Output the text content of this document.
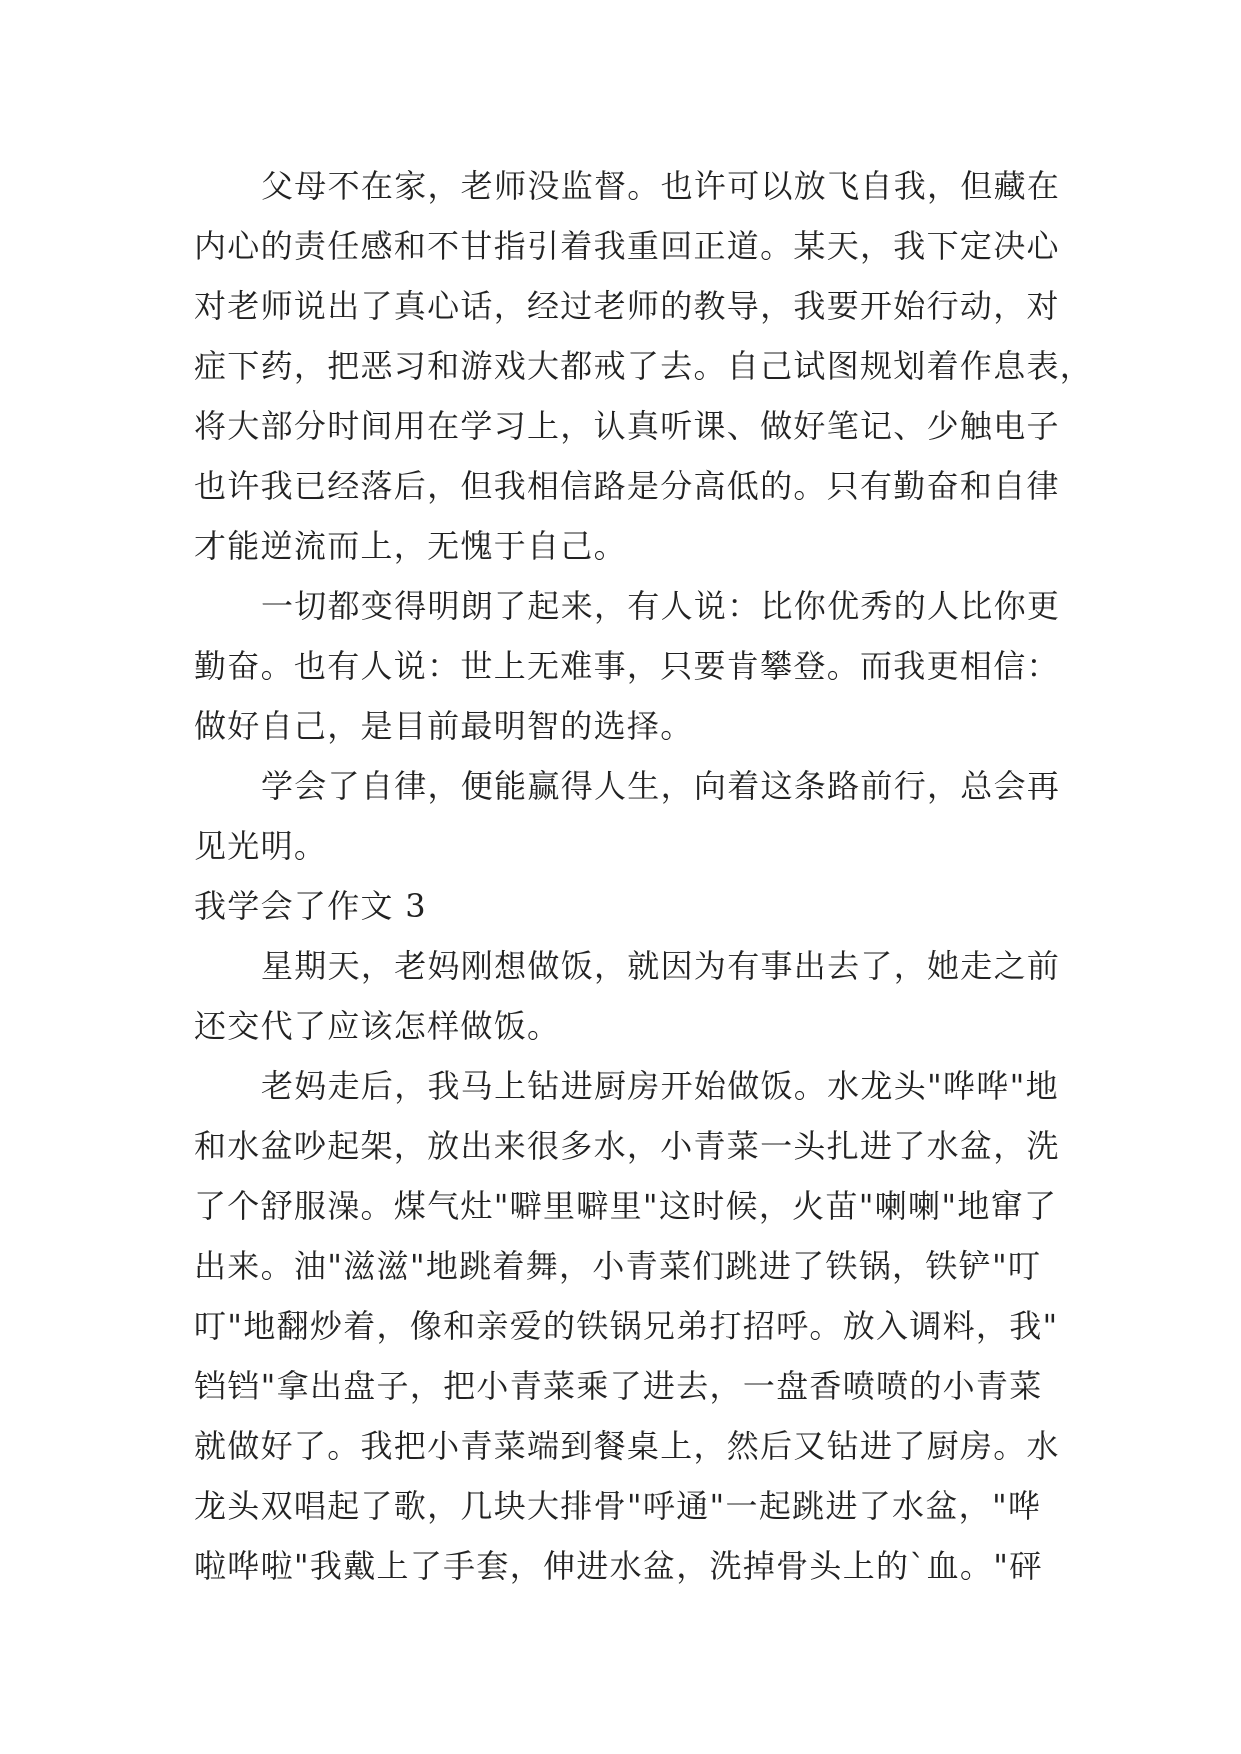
父母不在家，老师没监督。也许可以放飞自我，但藏在
内心的责任感和不甘指引着我重回正道。某天，我下定决心
对老师说出了真心话，经过老师的教导，我要开始行动，对
症下药，把恶习和游戏大都戒了去。自己试图规划着作息表，
将大部分时间用在学习上，认真听课、做好笔记、少触电子
也许我已经落后，但我相信路是分高低的。只有勤奋和自律
才能逆流而上，无愧于自己。
一切都变得明朗了起来，有人说：比你优秀的人比你更
勤奋。也有人说：世上无难事，只要肯攀登。而我更相信：
做好自己，是目前最明智的选择。
学会了自律，便能赢得人生，向着这条路前行，总会再
见光明。
我学会了作文 3
星期天，老妈刚想做饭，就因为有事出去了，她走之前
还交代了应该怎样做饭。
老妈走后，我马上钻进厨房开始做饭。水龙头"哗哗"地
和水盆吵起架，放出来很多水，小青菜一头扎进了水盆，洗
了个舒服澡。煤气灶"噼里噼里"这时候，火苗"喇喇"地窜了
出来。油"滋滋"地跳着舞，小青菜们跳进了铁锅，铁铲"叮
叮"地翻炒着，像和亲爱的铁锅兄弟打招呼。放入调料，我"
铛铛"拿出盘子，把小青菜乘了进去，一盘香喷喷的小青菜
就做好了。我把小青菜端到餐桌上，然后又钻进了厨房。水
龙头双唱起了歌，几块大排骨"呼通"一起跳进了水盆，"哗
啦哗啦"我戴上了手套，伸进水盆，洗掉骨头上的`血。"砰
